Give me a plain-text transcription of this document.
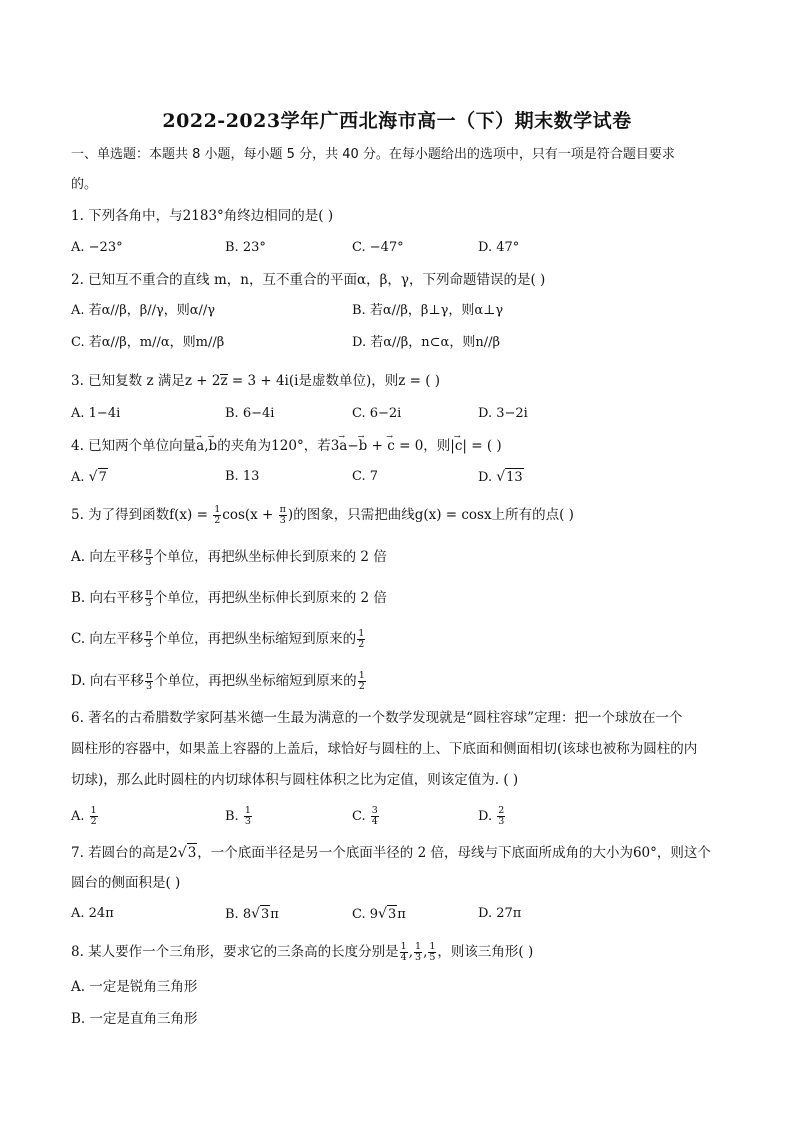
2022-2023学年广西北海市高一（下）期末数学试卷
一、单选题：本题共 8 小题，每小题 5 分，共 40 分。在每小题给出的选项中，只有一项是符合题目要求
的。
1. 下列各角中，与2183°角终边相同的是( )
A. −23°	B. 23°	C. −47°	D. 47°
2. 已知互不重合的直线 m，n，互不重合的平面α，β，γ，下列命题错误的是( )
A. 若α//β，β//γ，则α//γ	B. 若α//β，β⊥γ，则α⊥γ
C. 若α//β，m//α，则m//β	D. 若α//β，n⊂α，则n//β
3. 已知复数 z 满足z + 2z = 3 + 4i(i是虚数单位)，则z = ( )
A. 1−4i	B. 6−4i	C. 6−2i	D. 3−2i
4. 已知两个单位向量→ a,→ b的夹角为120°，若3→ a−→ b + → c = 0，则|→ c| = ( )
A. √7	B. 13	C. 7	D. √13
5. 为了得到函数$f(x) = \frac{1}{2} \cos(x + \frac{\pi}{3}$ )的图象，只需把曲线g(x) = cosx上所有的点( )
A. 向左平移 $\frac{\pi}{3}$ 个单位，再把纵坐标伸长到原来的 2 倍
B. 向右平移 $\frac{\pi}{3}$ 个单位，再把纵坐标伸长到原来的 2 倍
C. 向左平移 $\frac{\pi}{3}$ 个单位，再把纵坐标缩短到原来的 $\frac{1}{2}$
D. 向右平移 $\frac{\pi}{3}$ 个单位，再把纵坐标缩短到原来的 $\frac{1}{2}$
6. 著名的古希腊数学家阿基米德一生最为满意的一个数学发现就是“圆柱容球”定理：把一个球放在一个
圆柱形的容器中，如果盖上容器的上盖后，球恰好与圆柱的上、下底面和侧面相切(该球也被称为圆柱的内
切球)，那么此时圆柱的内切球体积与圆柱体积之比为定值，则该定值为. ( )
A. $\frac{1}{2}$	B. $\frac{1}{3}$	C. $\frac{3}{4}$	D. $\frac{2}{3}$
7. 若圆台的高是2√3，一个底面半径是另一个底面半径的 2 倍，母线与下底面所成角的大小为60°，则这个
圆台的侧面积是( )
A. 24π	B. 8√3π	C. 9√3π	D. 27π
8. 某人要作一个三角形，要求它的三条高的长度分别是 $\frac{1}{4}$ , $\frac{1}{3}$ , $\frac{1}{5}$ ，则该三角形( )
A. 一定是锐角三角形
B. 一定是直角三角形
